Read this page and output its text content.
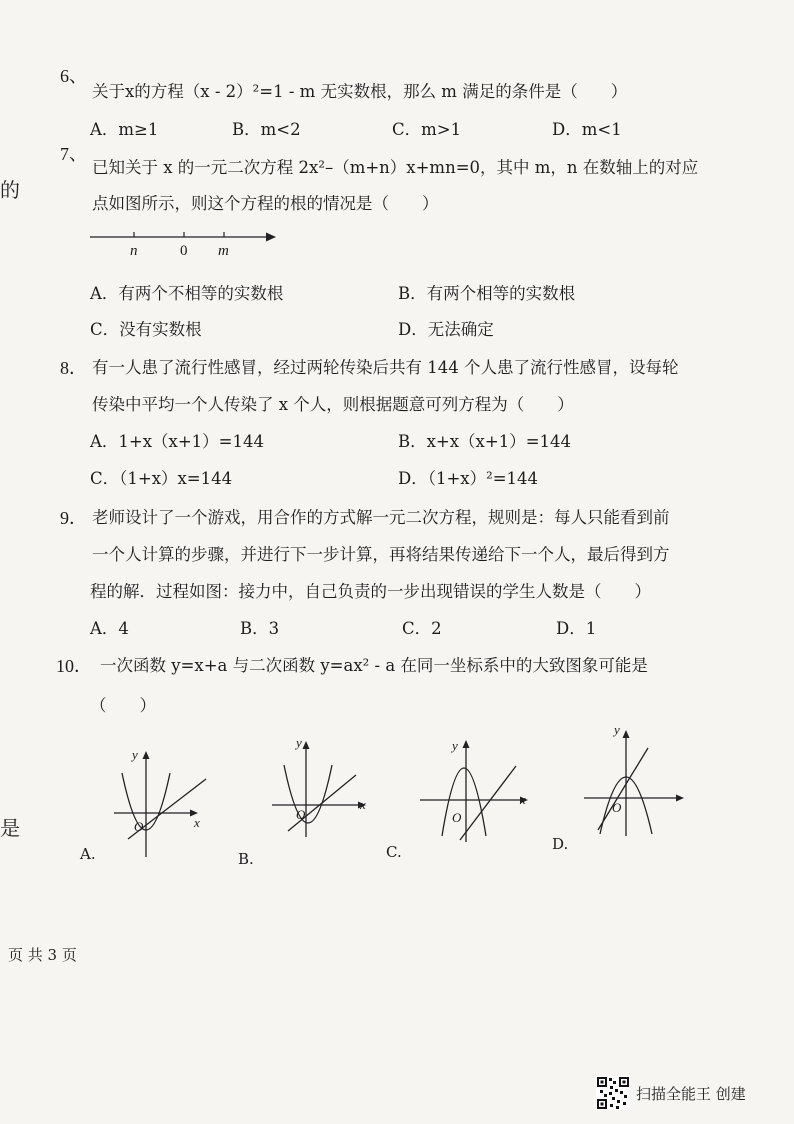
的
是
6、
关于x的方程（x - 2）²=1 - m 无实数根，那么 m 满足的条件是（　　）
A．m≥1	B．m<2	C．m>1	D．m<1
7、
已知关于 x 的一元二次方程 2x²–（m+n）x+mn=0，其中 m，n 在数轴上的对应
点如图所示，则这个方程的根的情况是（　　）
n	0 m
A．有两个不相等的实数根	B．有两个相等的实数根
C．没有实数根	D．无法确定
8． 有一人患了流行性感冒，经过两轮传染后共有 144 个人患了流行性感冒，设每轮
传染中平均一个人传染了 x 个人，则根据题意可列方程为（　　）
A．1+x（x+1）=144	B．x+x（x+1）=144
C．（1+x）x=144	D．（1+x）²=144
9． 老师设计了一个游戏，用合作的方式解一元二次方程，规则是：每人只能看到前
一个人计算的步骤，并进行下一步计算，再将结果传递给下一个人，最后得到方
程的解．过程如图：接力中，自己负责的一步出现错误的学生人数是（　　）
A．4	B．3	C．2	D．1
10． 一次函数 y=x+a 与二次函数 y=ax² - a 在同一坐标系中的大致图象可能是
（　　）
x
y
O
A.
x
y
O
B.
x
y
O
C.
y
O
D.
页 共 3 页
扫描全能王 创建
